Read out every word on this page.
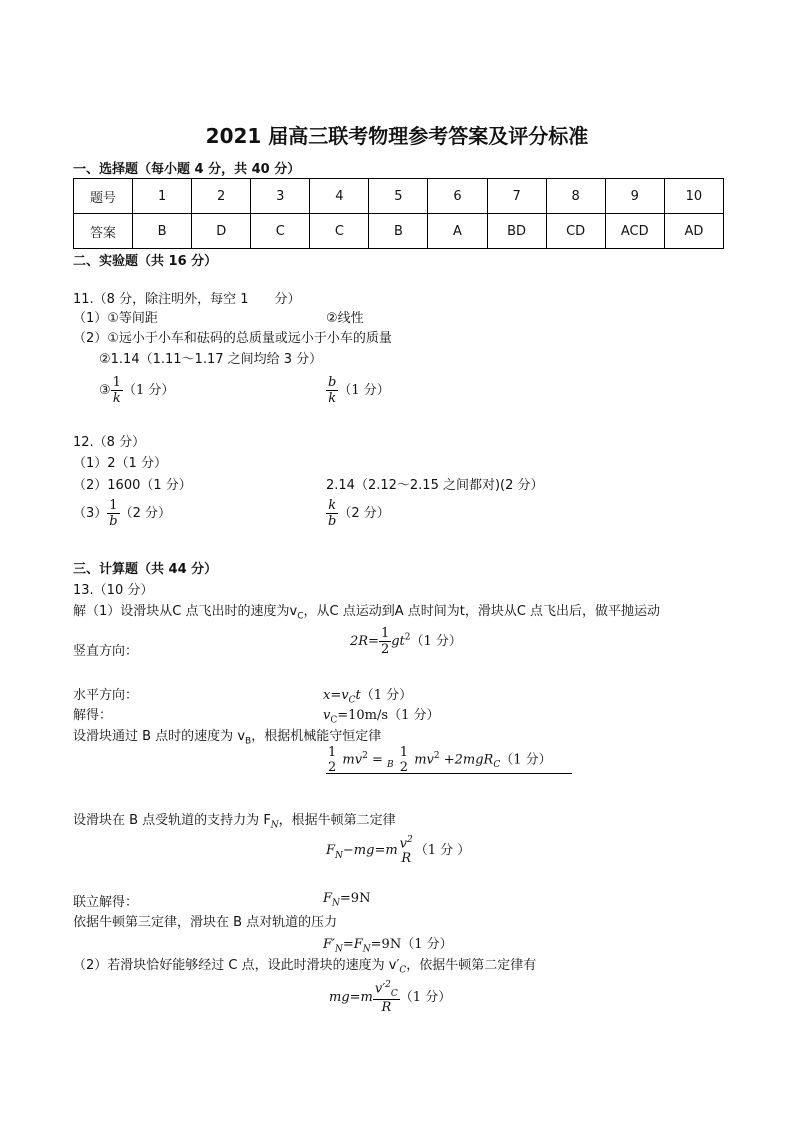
2021 届高三联考物理参考答案及评分标准
一、选择题（每小题 4 分，共 40 分）
题号	1	2	3	4	5	6	7	8	9	10
答案	B	D	C	C	B	A	BD	CD	ACD	AD
二、实验题（共 16 分）
11.（8 分，除注明外，每空 1　　分）
（1）①等间距	②线性
（2）①远小于小车和砝码的总质量或远小于小车的质量
②1.14（1.11～1.17 之间均给 3 分）
③ $\frac{1}{k} (1$ 分）	$\frac{b}{k} (1$ 分）
12.（8 分）
（1）2（1 分）
（2）1600（1 分）	2.14（2.12～2.15 之间都对)(2 分）
$(3) \frac{1}{b} (2$ 分）	$\frac{k}{b} (2$ 分）
三、计算题（共 44 分）
13.（10 分）
解（1）设滑块从C 点飞出时的速度为$v_C$，从C 点运动到A 点时间为t，滑块从C 点飞出后，做平抛运动
竖直方向：
$2R= \frac{1}{2} gt^2(1$ 分）
水平方向：	$x=v_Ct(1$ 分）
解得：	$v_C=10m/s(1$ 分）
设滑块通过 B 点时的速度为 $v_B$，根据机械能守恒定律
1
2 $mv^2 = _B$
1
2 $mv^2 +2mgR_C(1$ 分）
设滑块在 B 点受轨道的支持力为 $F_N$，根据牛顿第二定律
$F_N-mg=m$ $v^2$
R
（1 分 ）
联立解得：	$F_N=9N$
依据牛顿第三定律，滑块在 B 点对轨道的压力
$F'_N=F_N=9N(1$ 分）
（2）若滑块恰好能够经过 C 点，设此时滑块的速度为 $v'_C$，依据牛顿第二定律有
$mg=m \frac{v'^2_C}{R} (1$ 分）
